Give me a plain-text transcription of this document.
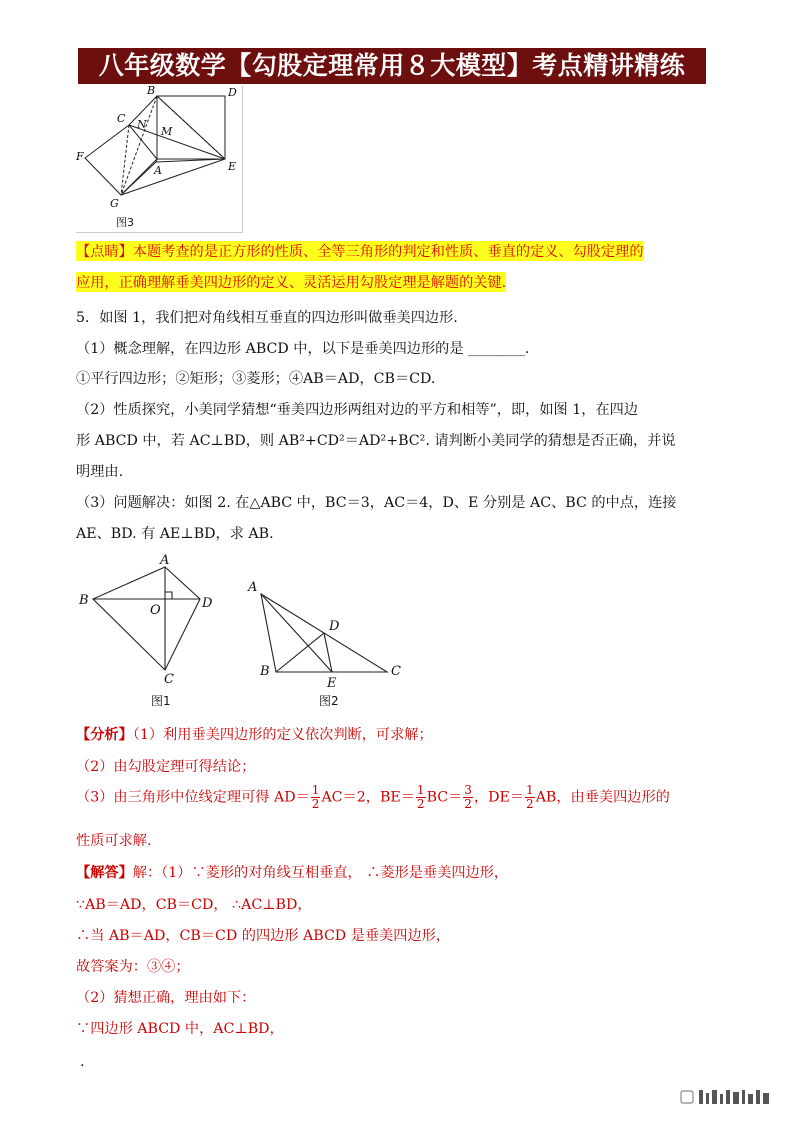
八年级数学【勾股定理常用８大模型】考点精讲精练
B	D
C N
M
F
E
A
G
图3
【点睛】本题考查的是正方形的性质、全等三角形的判定和性质、垂直的定义、勾股定理的
应用，正确理解垂美四边形的定义、灵活运用勾股定理是解题的关键.
5．如图 1，我们把对角线相互垂直的四边形叫做垂美四边形.
（1）概念理解，在四边形 ABCD 中，以下是垂美四边形的是 ________.
①平行四边形；②矩形；③菱形；④AB＝AD，CB＝CD.
（2）性质探究，小美同学猜想“垂美四边形两组对边的平方和相等”，即，如图 1，在四边
形 ABCD 中，若 AC⊥BD，则 AB²+CD²＝AD²+BC². 请判断小美同学的猜想是否正确，并说
明理由.
（3）问题解决：如图 2. 在△ABC 中，BC＝3，AC＝4，D、E 分别是 AC、BC 的中点，连接
AE、BD. 有 AE⊥BD，求 AB.
A
B
O	D
C
图1
A
D
B
E
C
图2
【分析】（1）利用垂美四边形的定义依次判断，可求解；
（2）由勾股定理可得结论；
（3）由三角形中位线定理可得 $AD= \frac{1}{2} AC=2$，$BE= \frac{1}{2} BC= \frac{3}{2}$ ，$DE= \frac{1}{2}$ AB，由垂美四边形的
性质可求解.
【解答】解：（1）∵菱形的对角线互相垂直， ∴菱形是垂美四边形，
∵AB＝AD，CB＝CD， ∴AC⊥BD，
∴当 AB＝AD，CB＝CD 的四边形 ABCD 是垂美四边形，
故答案为：③④；
（2）猜想正确，理由如下：
∵四边形 ABCD 中，AC⊥BD，
.
